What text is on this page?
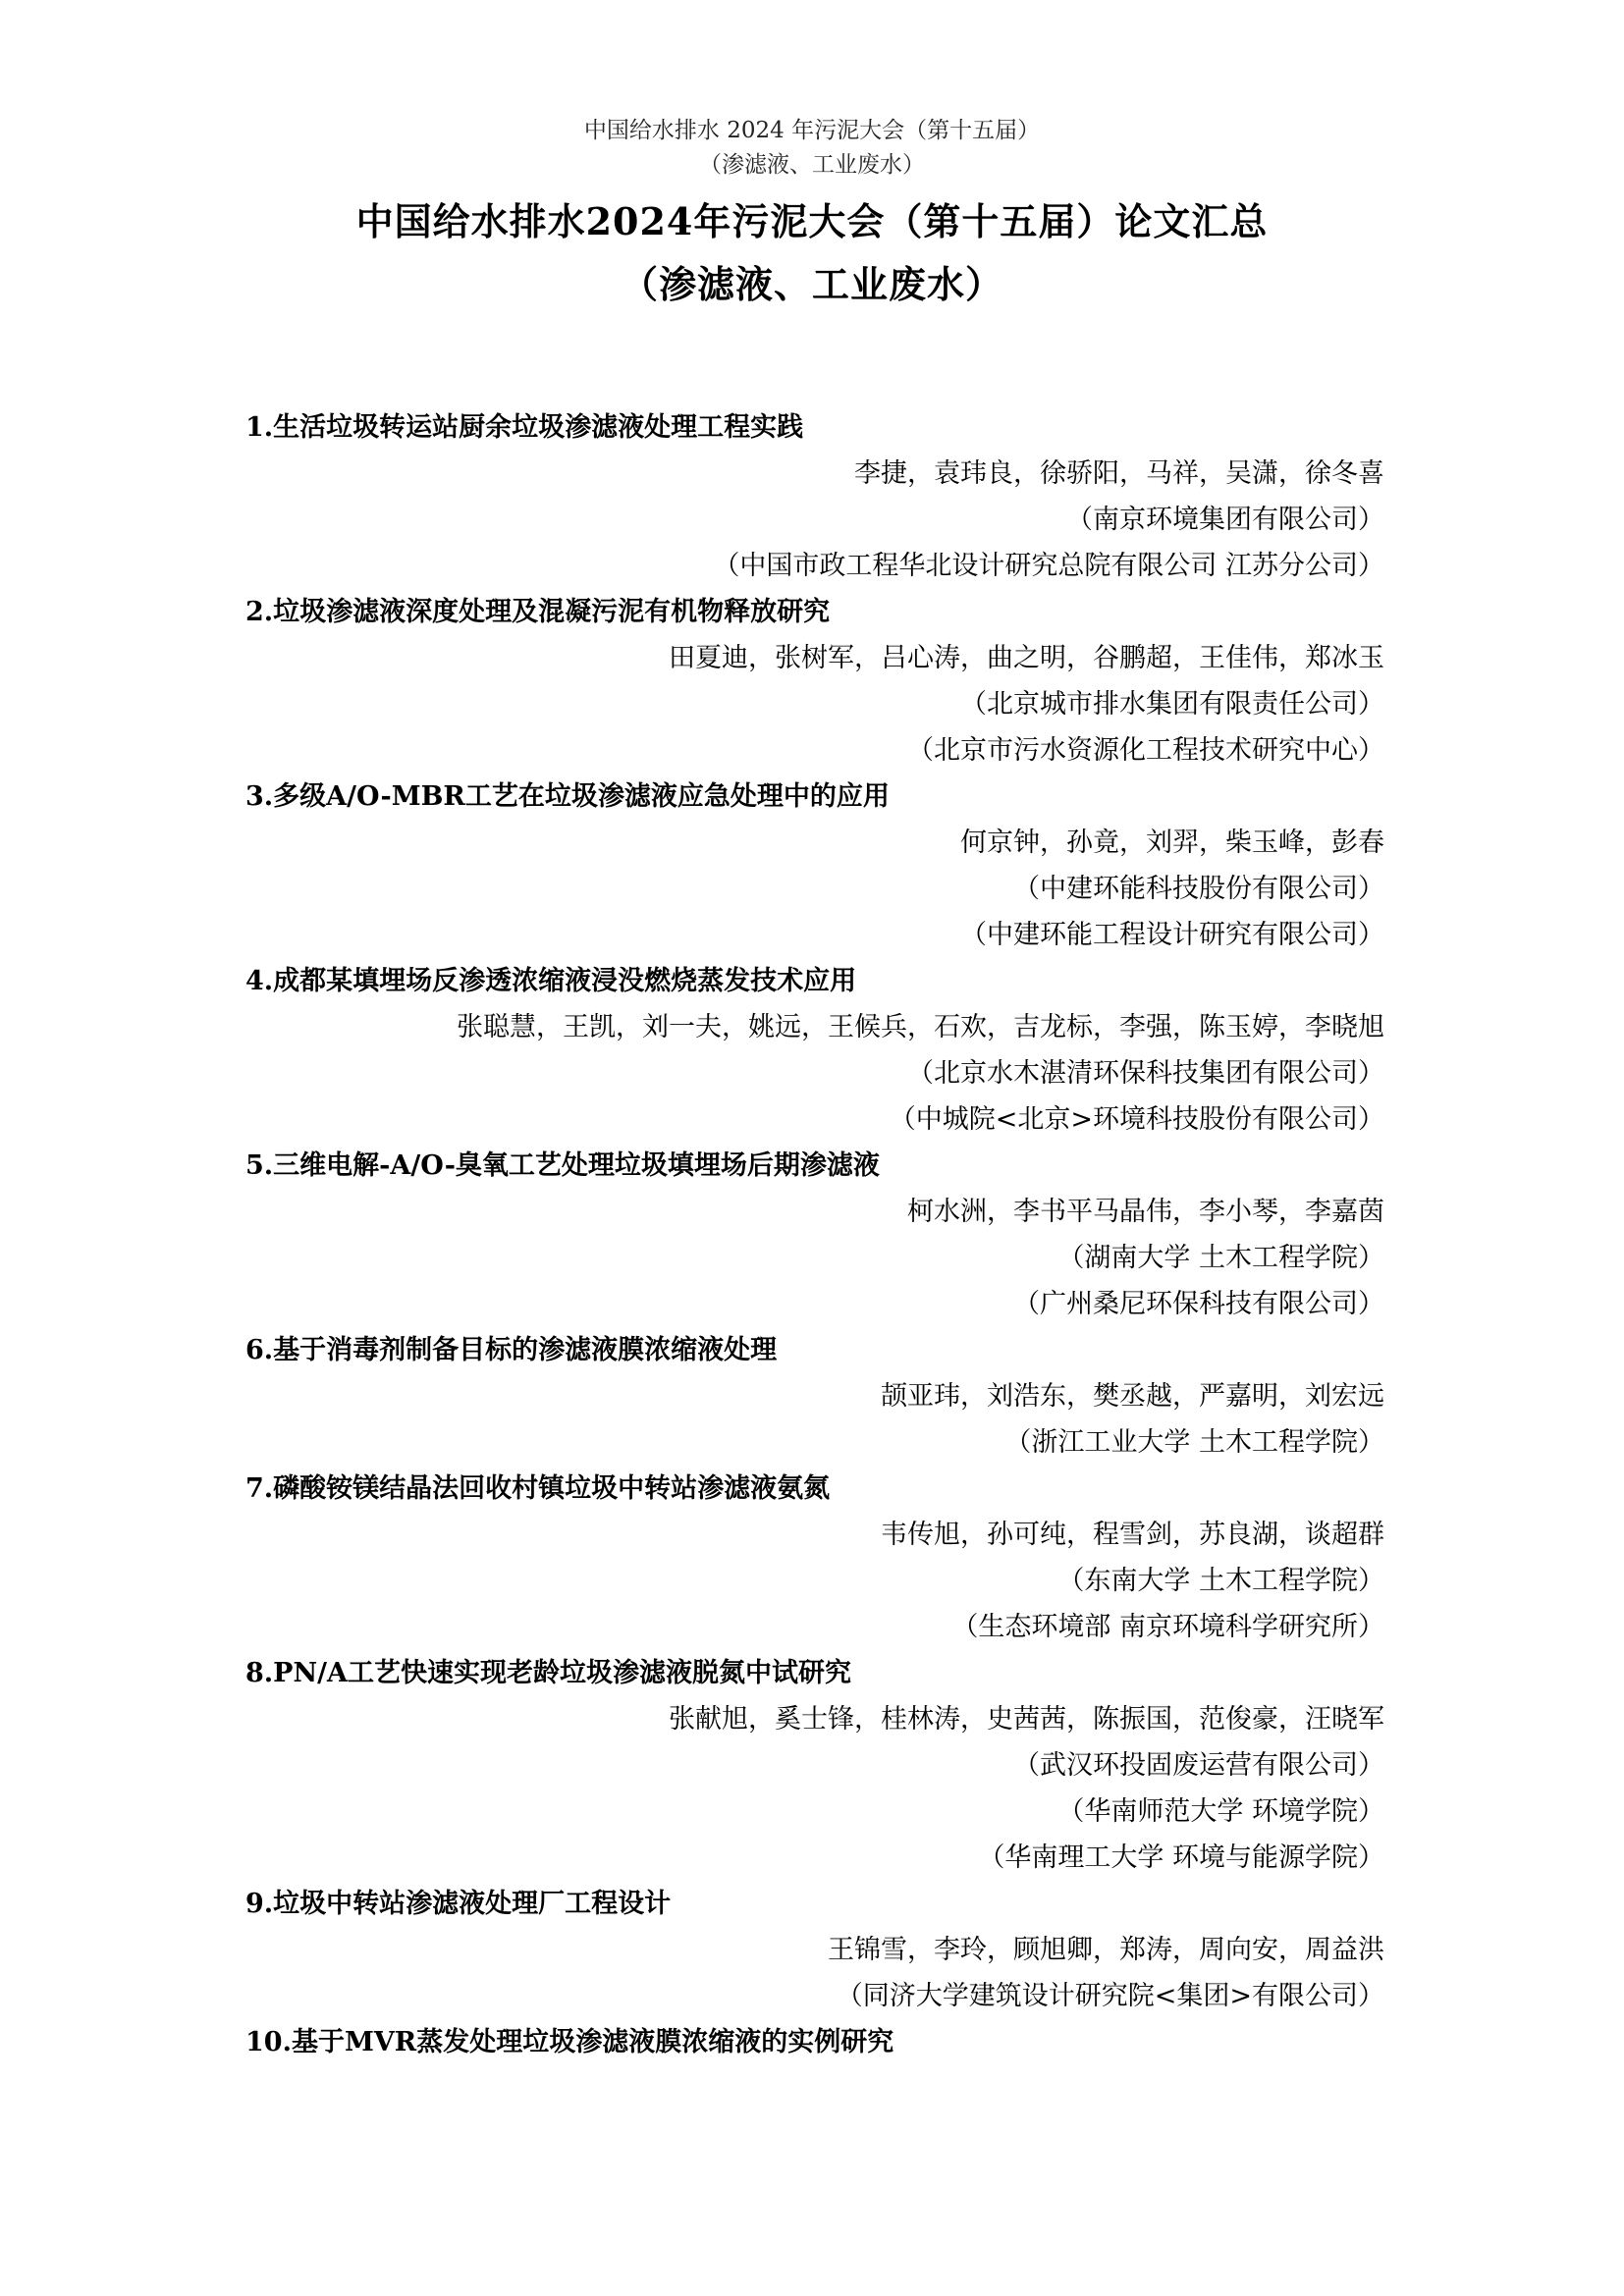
中国给水排水 2024 年污泥大会（第十五届）
（渗滤液、工业废水）
中国给水排水2024年污泥大会（第十五届）论文汇总
（渗滤液、工业废水）
1.生活垃圾转运站厨余垃圾渗滤液处理工程实践
李捷，袁玮良，徐骄阳，马祥，吴潇，徐冬喜
（南京环境集团有限公司）
（中国市政工程华北设计研究总院有限公司 江苏分公司）
2.垃圾渗滤液深度处理及混凝污泥有机物释放研究
田夏迪，张树军，吕心涛，曲之明，谷鹏超，王佳伟，郑冰玉
（北京城市排水集团有限责任公司）
（北京市污水资源化工程技术研究中心）
3.多级A/O-MBR工艺在垃圾渗滤液应急处理中的应用
何京钟，孙竟，刘羿，柴玉峰，彭春
（中建环能科技股份有限公司）
（中建环能工程设计研究有限公司）
4.成都某填埋场反渗透浓缩液浸没燃烧蒸发技术应用
张聪慧，王凯，刘一夫，姚远，王候兵，石欢，吉龙标，李强，陈玉婷，李晓旭
（北京水木湛清环保科技集团有限公司）
（中城院<北京>环境科技股份有限公司）
5.三维电解-A/O-臭氧工艺处理垃圾填埋场后期渗滤液
柯水洲，李书平马晶伟，李小琴，李嘉茵
（湖南大学 土木工程学院）
（广州桑尼环保科技有限公司）
6.基于消毒剂制备目标的渗滤液膜浓缩液处理
颉亚玮，刘浩东，樊丞越，严嘉明，刘宏远
（浙江工业大学 土木工程学院）
7.磷酸铵镁结晶法回收村镇垃圾中转站渗滤液氨氮
韦传旭，孙可纯，程雪剑，苏良湖，谈超群
（东南大学 土木工程学院）
（生态环境部 南京环境科学研究所）
8.PN/A工艺快速实现老龄垃圾渗滤液脱氮中试研究
张献旭，奚士锋，桂林涛，史茜茜，陈振国，范俊豪，汪晓军
（武汉环投固废运营有限公司）
（华南师范大学 环境学院）
（华南理工大学 环境与能源学院）
9.垃圾中转站渗滤液处理厂工程设计
王锦雪，李玲，顾旭卿，郑涛，周向安，周益洪
（同济大学建筑设计研究院<集团>有限公司）
10.基于MVR蒸发处理垃圾渗滤液膜浓缩液的实例研究
